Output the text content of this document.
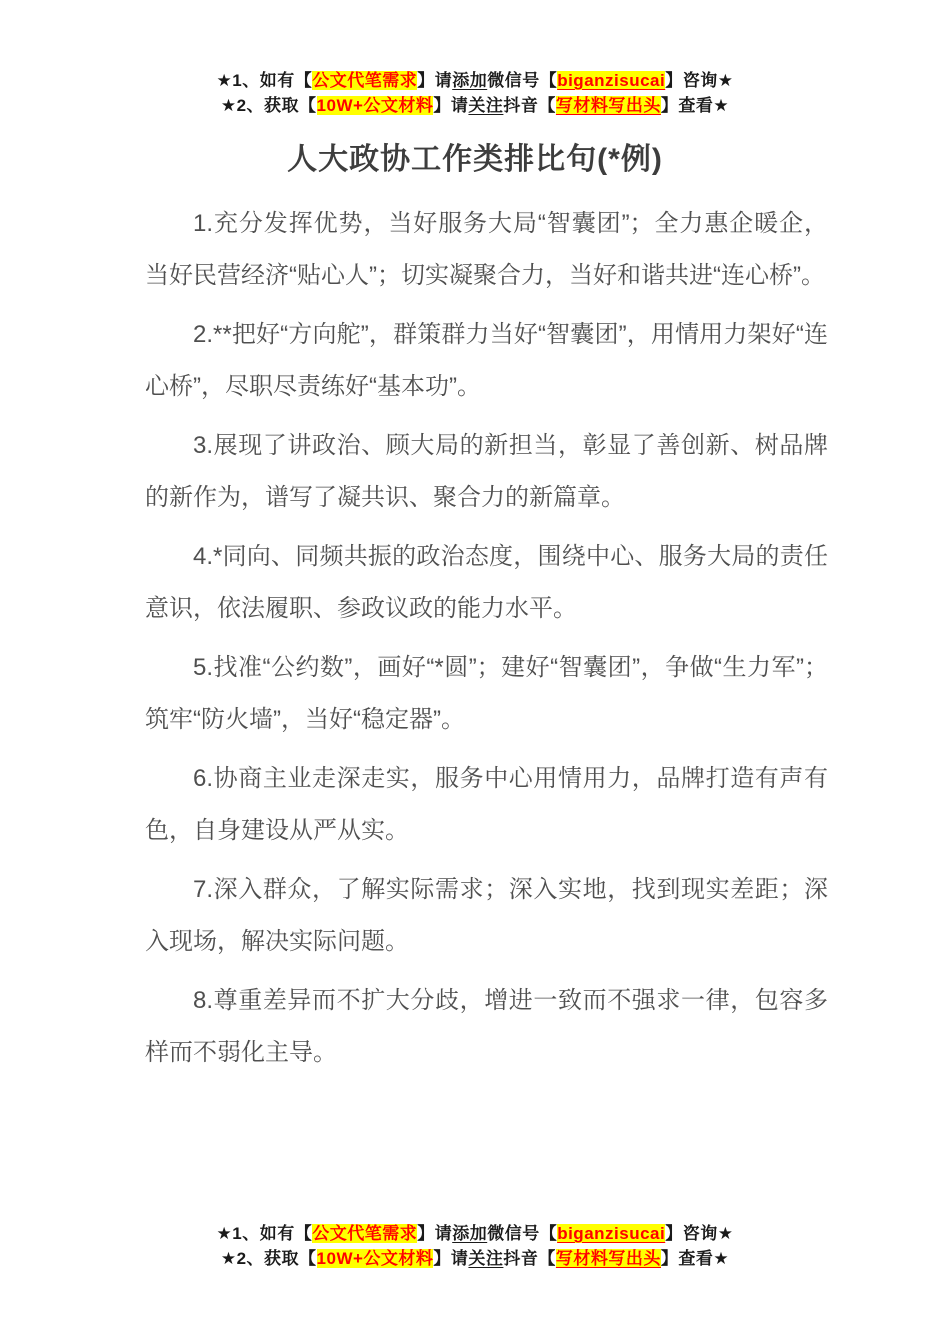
★1、如有【公文代笔需求】请添加微信号【biganzisucai】咨询★
★2、获取【10W+公文材料】请关注抖音【写材料写出头】查看★
人大政协工作类排比句(*例)

1.充分发挥优势，当好服务大局“智囊团”；全力惠企暖企，当好民营经济“贴心人”；切实凝聚合力，当好和谐共进“连心桥”。

2.**把好“方向舵”，群策群力当好“智囊团”，用情用力架好“连心桥”，尽职尽责练好“基本功”。

3.展现了讲政治、顾大局的新担当，彰显了善创新、树品牌的新作为，谱写了凝共识、聚合力的新篇章。

4.*同向、同频共振的政治态度，围绕中心、服务大局的责任意识，依法履职、参政议政的能力水平。

5.找准“公约数”，画好“*圆”；建好“智囊团”，争做“生力军”；筑牢“防火墙”，当好“稳定器”。

6.协商主业走深走实，服务中心用情用力，品牌打造有声有色，自身建设从严从实。

7.深入群众，了解实际需求；深入实地，找到现实差距；深入现场，解决实际问题。

8.尊重差异而不扩大分歧，增进一致而不强求一律，包容多样而不弱化主导。

★1、如有【公文代笔需求】请添加微信号【biganzisucai】咨询★
★2、获取【10W+公文材料】请关注抖音【写材料写出头】查看★
